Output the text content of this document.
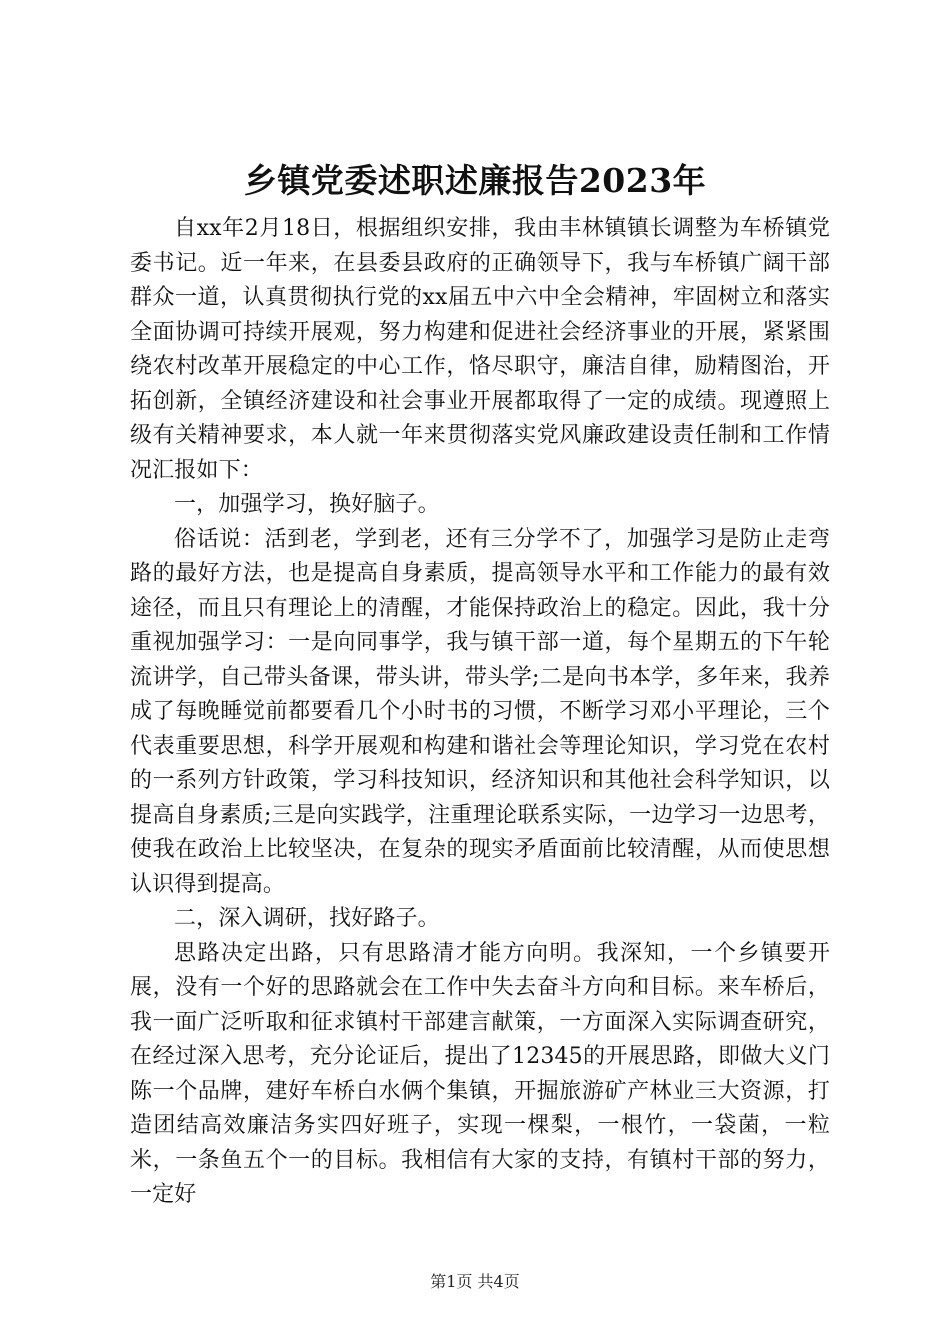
乡镇党委述职述廉报告2023年

自xx年2月18日，根据组织安排，我由丰林镇镇长调整为车桥镇党委书记。近一年来，在县委县政府的正确领导下，我与车桥镇广阔干部群众一道，认真贯彻执行党的xx届五中六中全会精神，牢固树立和落实全面协调可持续开展观，努力构建和促进社会经济事业的开展，紧紧围绕农村改革开展稳定的中心工作，恪尽职守，廉洁自律，励精图治，开拓创新，全镇经济建设和社会事业开展都取得了一定的成绩。现遵照上级有关精神要求，本人就一年来贯彻落实党风廉政建设责任制和工作情况汇报如下：

一，加强学习，换好脑子。

俗话说：活到老，学到老，还有三分学不了，加强学习是防止走弯路的最好方法，也是提高自身素质，提高领导水平和工作能力的最有效途径，而且只有理论上的清醒，才能保持政治上的稳定。因此，我十分重视加强学习：一是向同事学，我与镇干部一道，每个星期五的下午轮流讲学，自己带头备课，带头讲，带头学;二是向书本学，多年来，我养成了每晚睡觉前都要看几个小时书的习惯，不断学习邓小平理论，三个代表重要思想，科学开展观和构建和谐社会等理论知识，学习党在农村的一系列方针政策，学习科技知识，经济知识和其他社会科学知识，以提高自身素质;三是向实践学，注重理论联系实际，一边学习一边思考，使我在政治上比较坚决，在复杂的现实矛盾面前比较清醒，从而使思想认识得到提高。

二，深入调研，找好路子。

思路决定出路，只有思路清才能方向明。我深知，一个乡镇要开展，没有一个好的思路就会在工作中失去奋斗方向和目标。来车桥后，我一面广泛听取和征求镇村干部建言献策，一方面深入实际调查研究，在经过深入思考，充分论证后，提出了12345的开展思路，即做大义门陈一个品牌，建好车桥白水俩个集镇，开掘旅游矿产林业三大资源，打造团结高效廉洁务实四好班子，实现一棵梨，一根竹，一袋菌，一粒米，一条鱼五个一的目标。我相信有大家的支持，有镇村干部的努力，一定好

第1页 共4页
